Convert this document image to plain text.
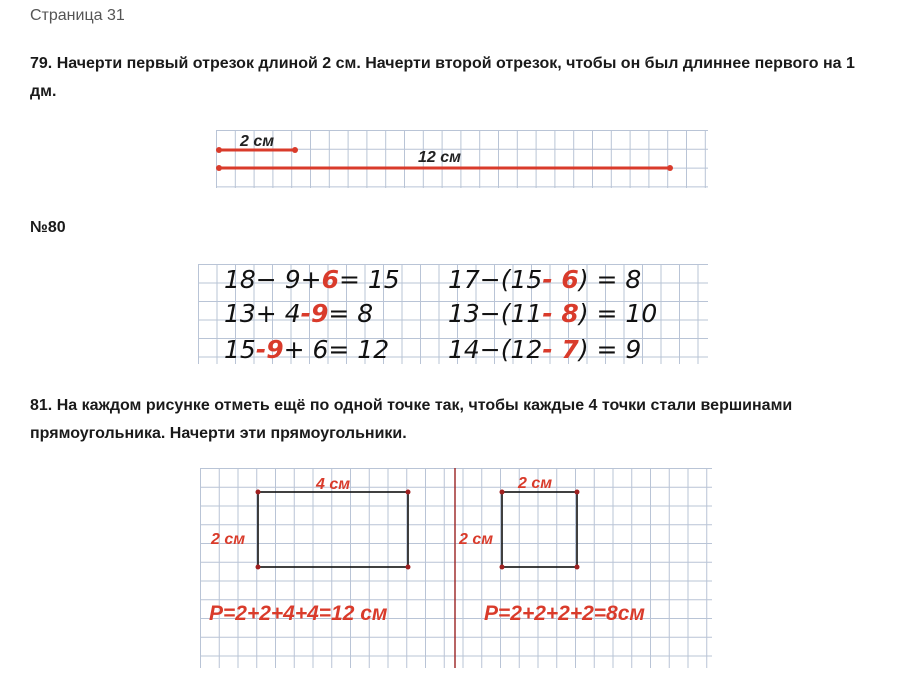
Страница 31
79. Начерти первый отрезок длиной 2 см. Начерти второй отрезок, чтобы он был длиннее первого на 1 дм.
2 см
12 см
№80
18− 9+6= 15 17−(15- 6) = 8
13+ 4-9= 8	13−(11- 8) = 10
15-9+ 6= 12 14−(12- 7) = 9
81. На каждом рисунке отметь ещё по одной точке так, чтобы каждые 4 точки стали вершинами прямоугольника. Начерти эти прямоугольники.
4 см
2 см
P=2+2+4+4=12 см
2 см
2 см
P=2+2+2+2=8см
